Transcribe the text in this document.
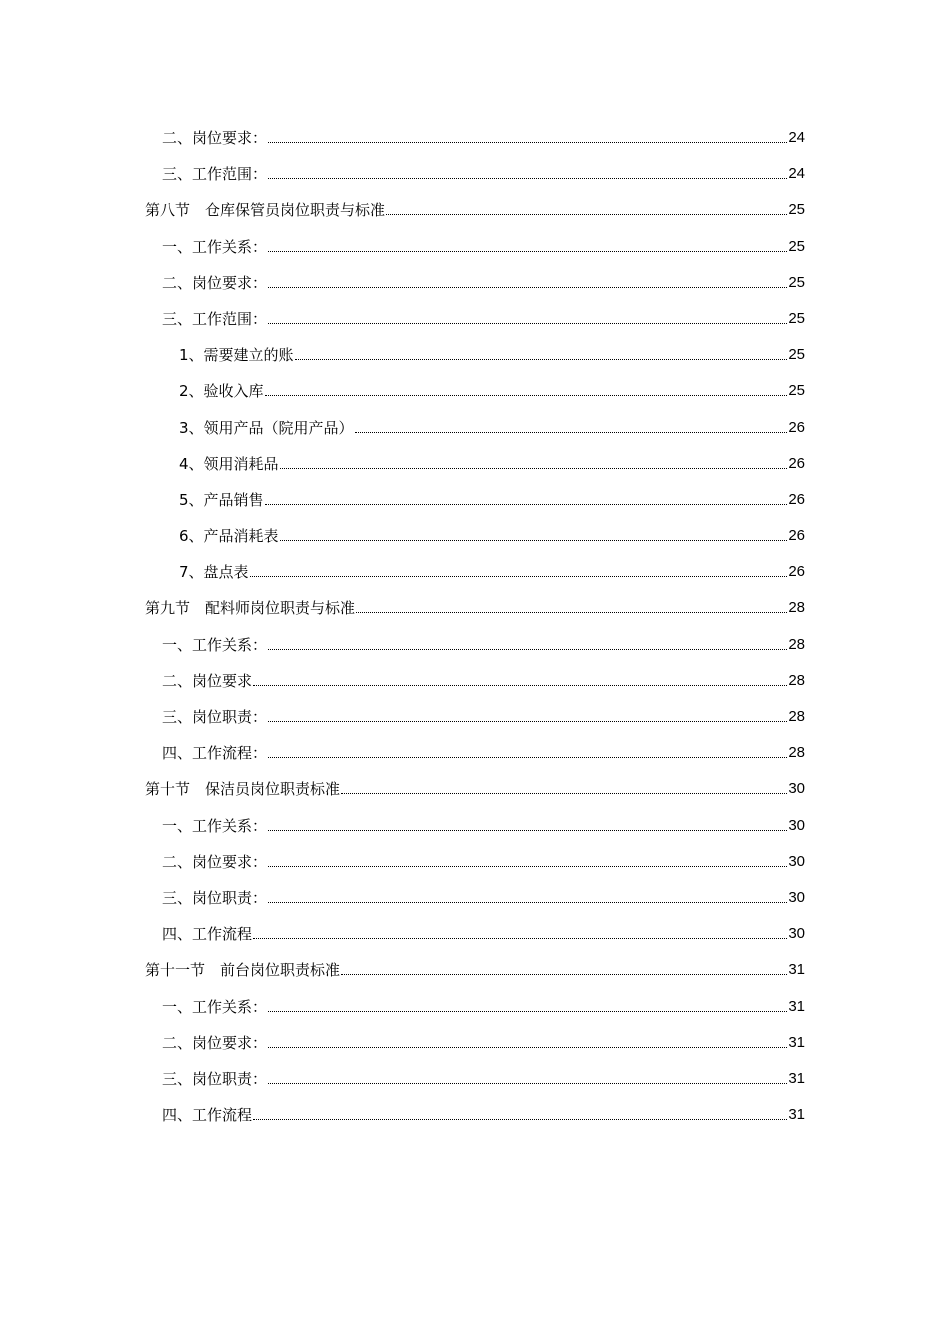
二、岗位要求：	24
三、工作范围：	24
第八节　仓库保管员岗位职责与标准	25
一、工作关系：	25
二、岗位要求：	25
三、工作范围：	25
1、需要建立的账	25
2、验收入库	25
3、领用产品（院用产品）	26
4、领用消耗品	26
5、产品销售	26
6、产品消耗表	26
7、盘点表	26
第九节　配料师岗位职责与标准	28
一、工作关系：	28
二、岗位要求	28
三、岗位职责：	28
四、工作流程：	28
第十节　保洁员岗位职责标准	30
一、工作关系：	30
二、岗位要求：	30
三、岗位职责：	30
四、工作流程	30
第十一节　前台岗位职责标准	31
一、工作关系：	31
二、岗位要求：	31
三、岗位职责：	31
四、工作流程	31
